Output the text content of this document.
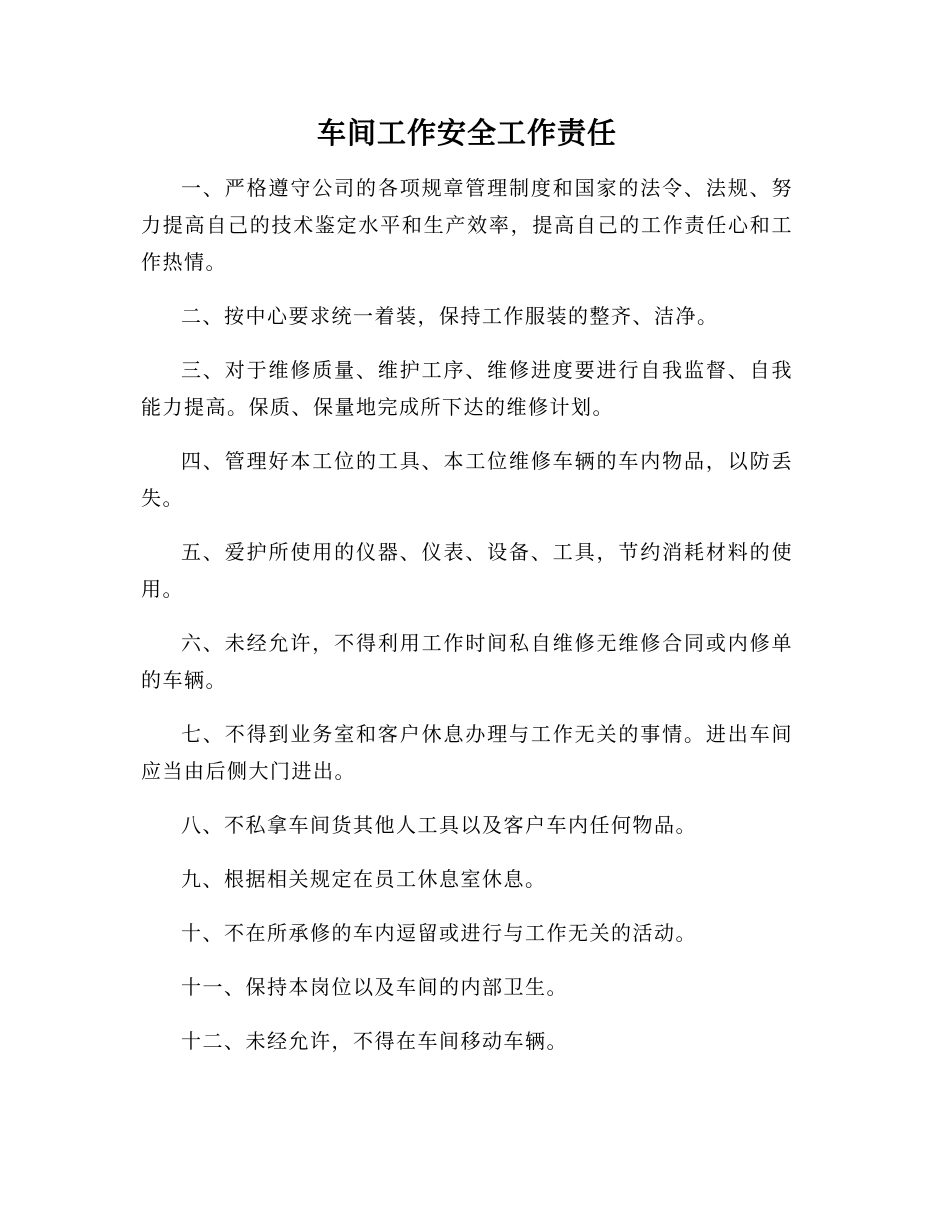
车间工作安全工作责任

一、严格遵守公司的各项规章管理制度和国家的法令、法规、努力提高自己的技术鉴定水平和生产效率，提高自己的工作责任心和工作热情。

二、按中心要求统一着装，保持工作服装的整齐、洁净。

三、对于维修质量、维护工序、维修进度要进行自我监督、自我能力提高。保质、保量地完成所下达的维修计划。

四、管理好本工位的工具、本工位维修车辆的车内物品，以防丢失。

五、爱护所使用的仪器、仪表、设备、工具，节约消耗材料的使用。

六、未经允许，不得利用工作时间私自维修无维修合同或内修单的车辆。

七、不得到业务室和客户休息办理与工作无关的事情。进出车间应当由后侧大门进出。

八、不私拿车间货其他人工具以及客户车内任何物品。

九、根据相关规定在员工休息室休息。

十、不在所承修的车内逗留或进行与工作无关的活动。

十一、保持本岗位以及车间的内部卫生。

十二、未经允许，不得在车间移动车辆。
